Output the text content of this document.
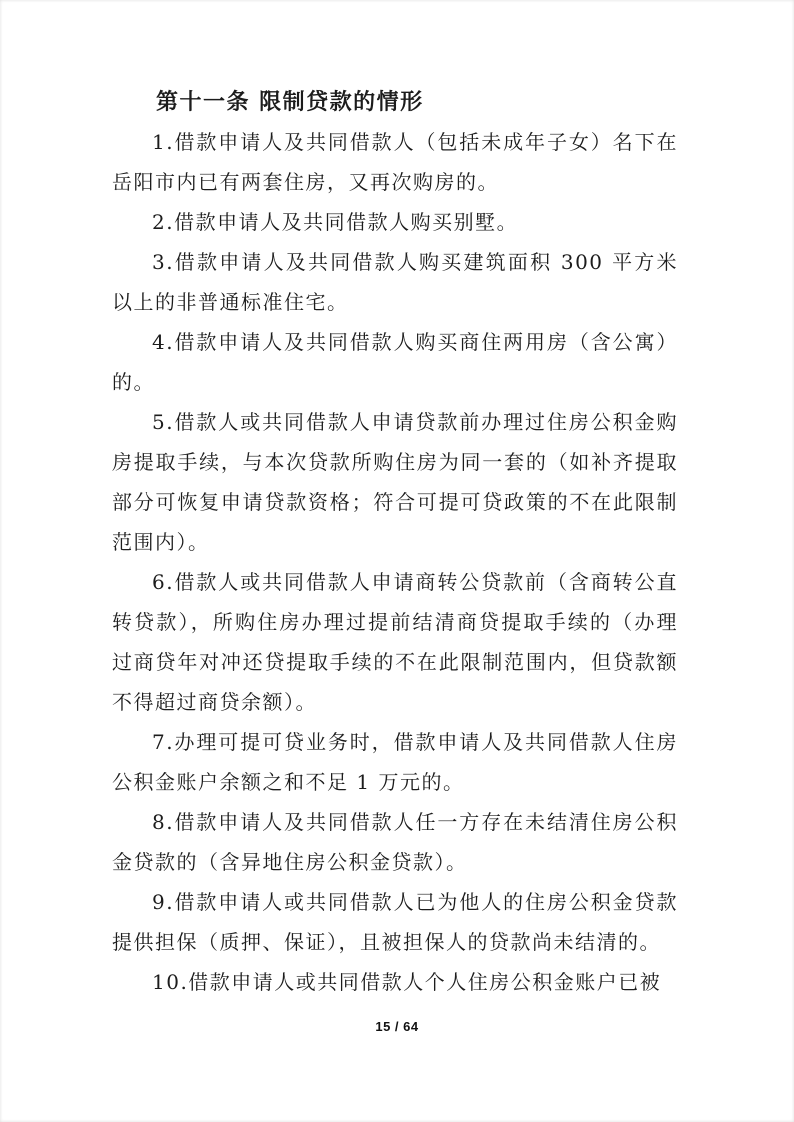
第十一条 限制贷款的情形

1.借款申请人及共同借款人（包括未成年子女）名下在岳阳市内已有两套住房，又再次购房的。

2.借款申请人及共同借款人购买别墅。

3.借款申请人及共同借款人购买建筑面积 300 平方米以上的非普通标准住宅。

4.借款申请人及共同借款人购买商住两用房（含公寓）的。

5.借款人或共同借款人申请贷款前办理过住房公积金购房提取手续，与本次贷款所购住房为同一套的（如补齐提取部分可恢复申请贷款资格；符合可提可贷政策的不在此限制范围内）。

6.借款人或共同借款人申请商转公贷款前（含商转公直转贷款），所购住房办理过提前结清商贷提取手续的（办理过商贷年对冲还贷提取手续的不在此限制范围内，但贷款额不得超过商贷余额）。

7.办理可提可贷业务时，借款申请人及共同借款人住房公积金账户余额之和不足 1 万元的。

8.借款申请人及共同借款人任一方存在未结清住房公积金贷款的（含异地住房公积金贷款）。

9.借款申请人或共同借款人已为他人的住房公积金贷款提供担保（质押、保证），且被担保人的贷款尚未结清的。

10.借款申请人或共同借款人个人住房公积金账户已被

15 / 64
